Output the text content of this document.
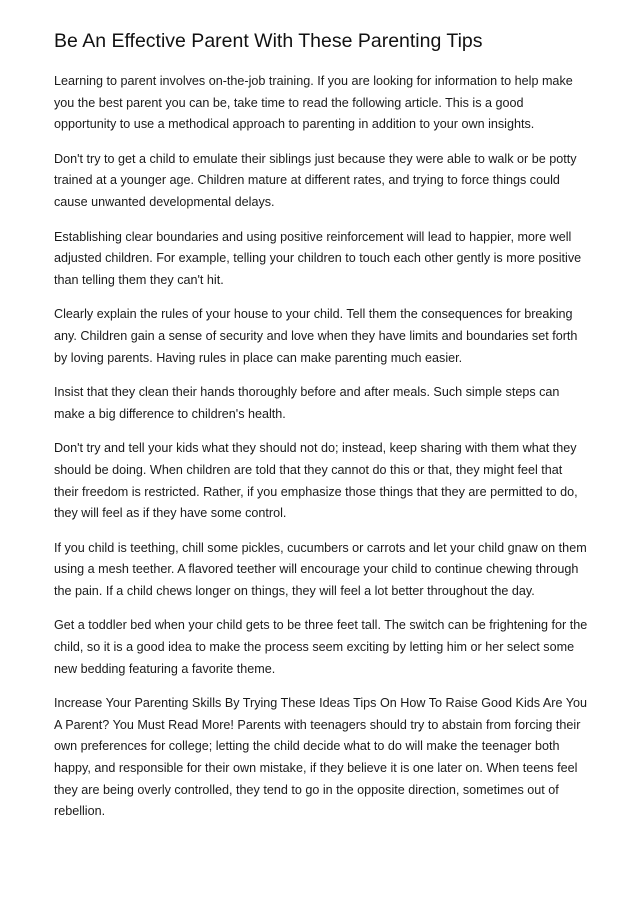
Be An Effective Parent With These Parenting Tips

Learning to parent involves on-the-job training. If you are looking for information to help make you the best parent you can be, take time to read the following article. This is a good opportunity to use a methodical approach to parenting in addition to your own insights.

Don't try to get a child to emulate their siblings just because they were able to walk or be potty trained at a younger age. Children mature at different rates, and trying to force things could cause unwanted developmental delays.

Establishing clear boundaries and using positive reinforcement will lead to happier, more well adjusted children. For example, telling your children to touch each other gently is more positive than telling them they can't hit.

Clearly explain the rules of your house to your child. Tell them the consequences for breaking any. Children gain a sense of security and love when they have limits and boundaries set forth by loving parents. Having rules in place can make parenting much easier.

Insist that they clean their hands thoroughly before and after meals. Such simple steps can make a big difference to children's health.

Don't try and tell your kids what they should not do; instead, keep sharing with them what they should be doing. When children are told that they cannot do this or that, they might feel that their freedom is restricted. Rather, if you emphasize those things that they are permitted to do, they will feel as if they have some control.

If you child is teething, chill some pickles, cucumbers or carrots and let your child gnaw on them using a mesh teether. A flavored teether will encourage your child to continue chewing through the pain. If a child chews longer on things, they will feel a lot better throughout the day.

Get a toddler bed when your child gets to be three feet tall. The switch can be frightening for the child, so it is a good idea to make the process seem exciting by letting him or her select some new bedding featuring a favorite theme.

Increase Your Parenting Skills By Trying These Ideas Tips On How To Raise Good Kids Are You A Parent? You Must Read More! Parents with teenagers should try to abstain from forcing their own preferences for college; letting the child decide what to do will make the teenager both happy, and responsible for their own mistake, if they believe it is one later on. When teens feel they are being overly controlled, they tend to go in the opposite direction, sometimes out of rebellion.
